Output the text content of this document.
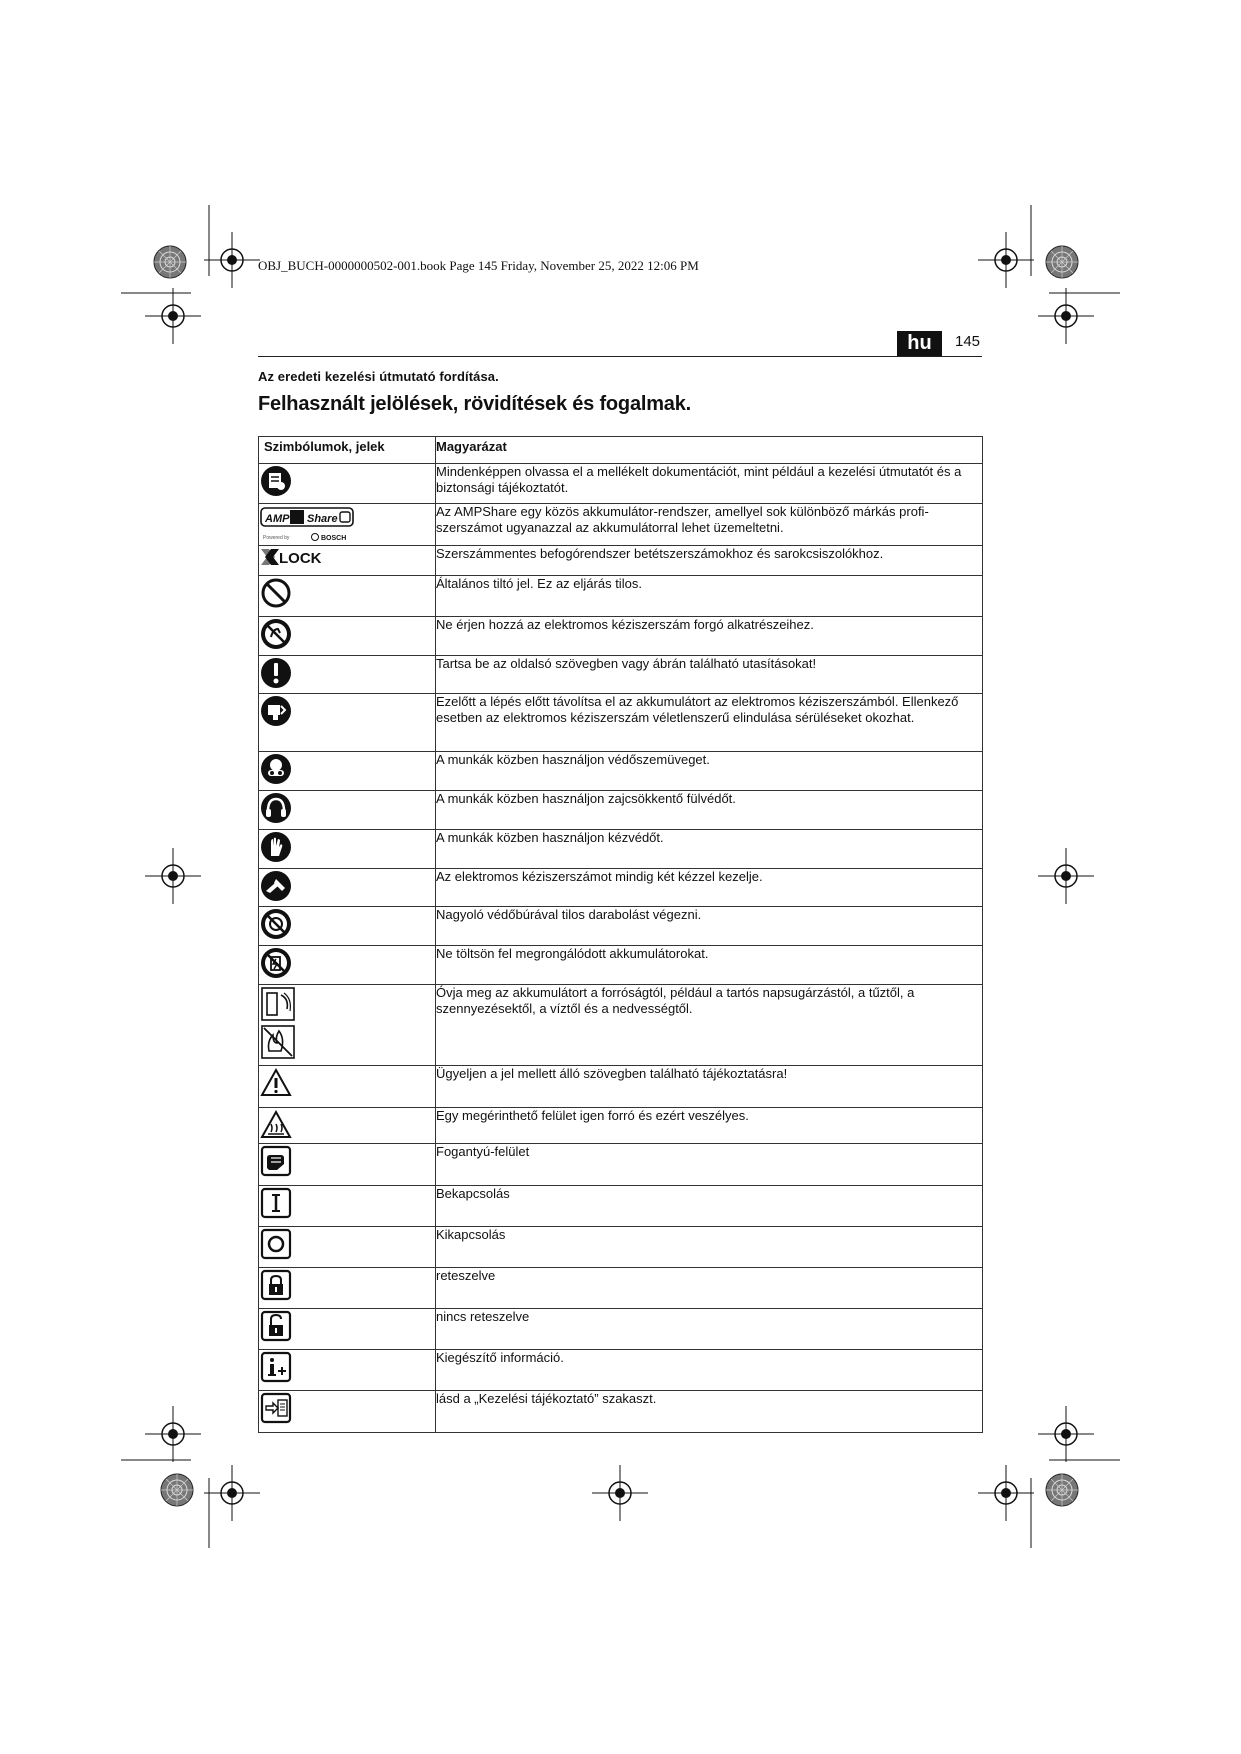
OBJ_BUCH-0000000502-001.book Page 145 Friday, November 25, 2022 12:06 PM
hu	145
Az eredeti kezelési útmutató fordítása.
Felhasznált jelölések, rövidítések és fogalmak.
Szimbólumok, jelek	Magyarázat

	Mindenképpen olvassa el a mellékelt dokumentációt, mint például a kezelési útmutatót és a biztonsági tájékoztatót.

AMP Share
Powered by BOSCH	Az AMPShare egy közös akkumulátor-rendszer, amellyel sok különböző márkás profi-szerszámot ugyanazzal az akkumulátorral lehet üzemeltetni.

LOCK	Szerszámmentes befogórendszer betétszerszámokhoz és sarokcsiszolókhoz.

	Általános tiltó jel. Ez az eljárás tilos.

	Ne érjen hozzá az elektromos kéziszerszám forgó alkatrészeihez.

	Tartsa be az oldalsó szövegben vagy ábrán található utasításokat!

	Ezelőtt a lépés előtt távolítsa el az akkumulátort az elektromos kéziszerszámból. Ellenkező esetben az elektromos kéziszerszám véletlenszerű elindulása sérüléseket okozhat.

	A munkák közben használjon védőszemüveget.

	A munkák közben használjon zajcsökkentő fülvédőt.

	A munkák közben használjon kézvédőt.

	Az elektromos kéziszerszámot mindig két kézzel kezelje.

	Nagyoló védőbúrával tilos darabolást végezni.

	Ne töltsön fel megrongálódott akkumulátorokat.

	Óvja meg az akkumulátort a forróságtól, például a tartós napsugárzástól, a tűztől, a szennyezésektől, a víztől és a nedvességtől.

	Ügyeljen a jel mellett álló szövegben található tájékoztatásra!

	Egy megérinthető felület igen forró és ezért veszélyes.

	Fogantyú-felület

	Bekapcsolás

	Kikapcsolás

	reteszelve

	nincs reteszelve

	Kiegészítő információ.

	lásd a „Kezelési tájékoztató” szakaszt.
